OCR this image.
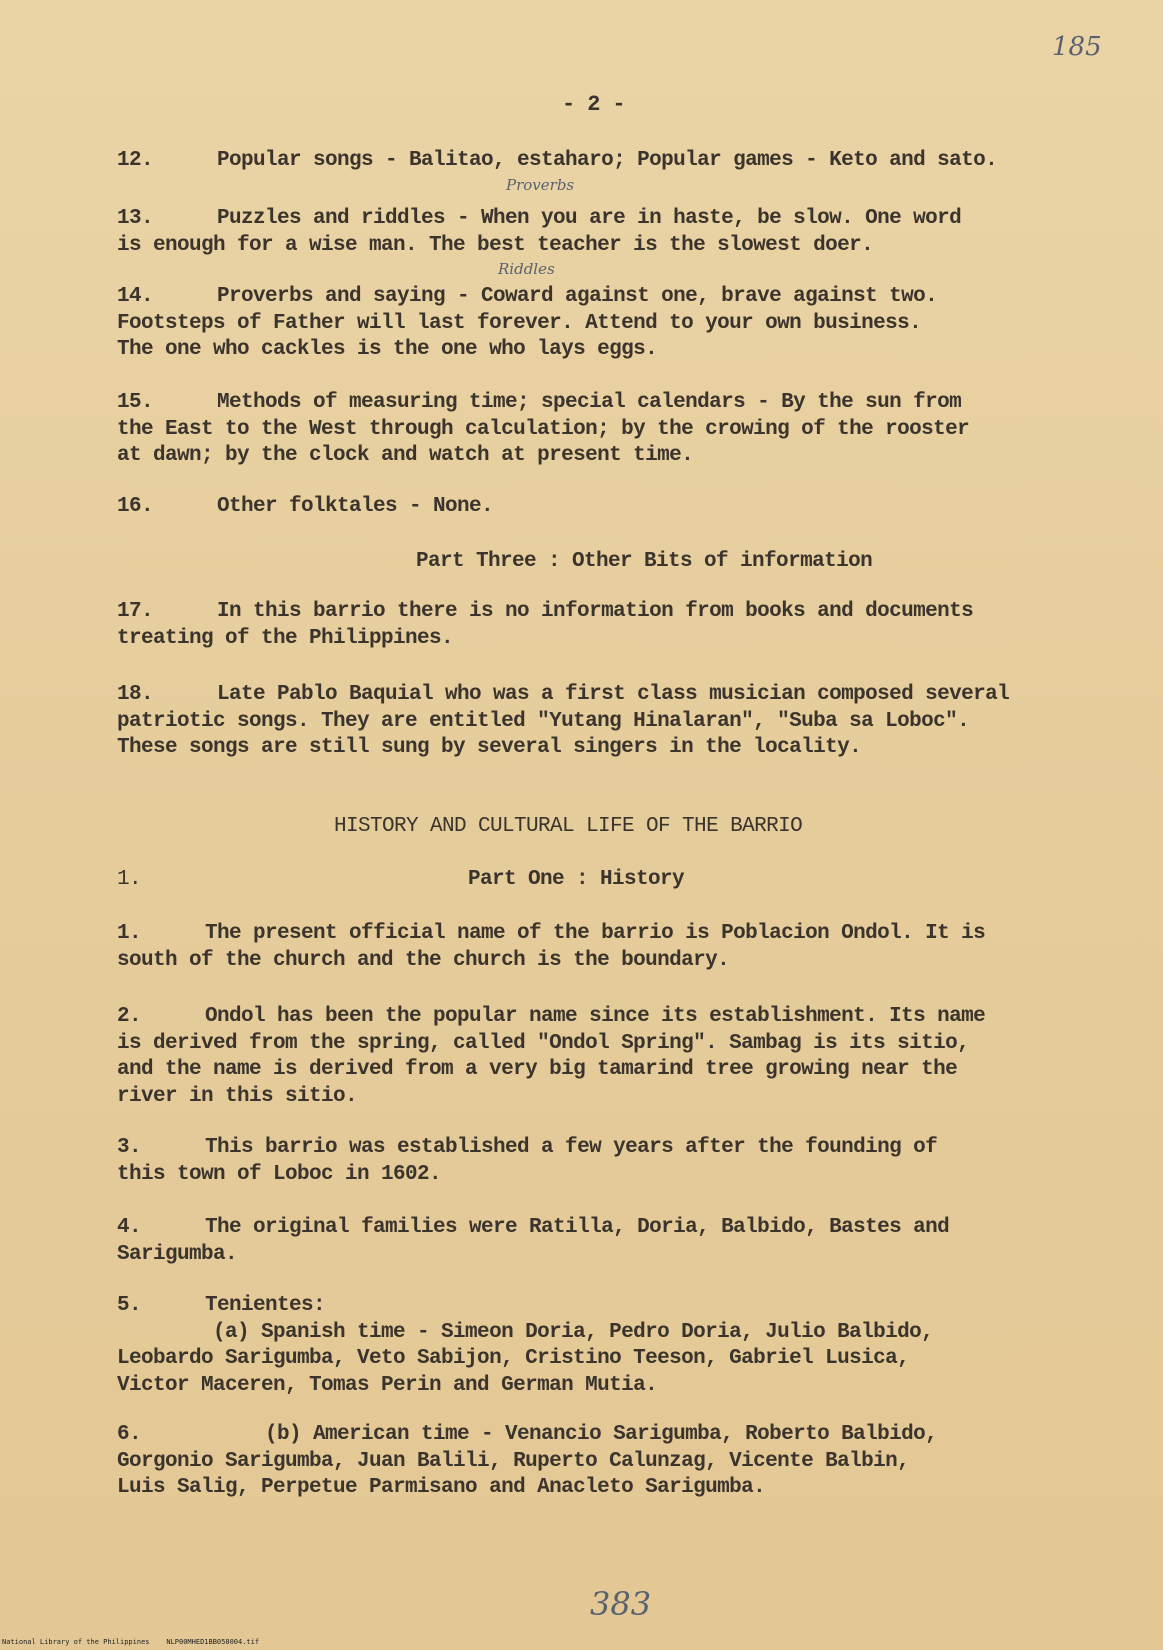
185
- 2 -
12.	Popular songs - Balitao, estaharo; Popular games - Keto and sato.
Proverbs
13.	Puzzles and riddles - When you are in haste, be slow. One word
is enough for a wise man. The best teacher is the slowest doer.
Riddles
14.	Proverbs and saying - Coward against one, brave against two.
Footsteps of Father will last forever. Attend to your own business.
The one who cackles is the one who lays eggs.
15.	Methods of measuring time; special calendars - By the sun from
the East to the West through calculation; by the crowing of the rooster
at dawn; by the clock and watch at present time.
16.	Other folktales - None.
Part Three : Other Bits of information
17.	In this barrio there is no information from books and documents
treating of the Philippines.
18.	Late Pablo Baquial who was a first class musician composed several
patriotic songs. They are entitled "Yutang Hinalaran", "Suba sa Loboc".
These songs are still sung by several singers in the locality.
HISTORY AND CULTURAL LIFE OF THE BARRIO
1.	Part One : History
1.	The present official name of the barrio is Poblacion Ondol. It is
south of the church and the church is the boundary.
2.	Ondol has been the popular name since its establishment. Its name
is derived from the spring, called "Ondol Spring". Sambag is its sitio,
and the name is derived from a very big tamarind tree growing near the
river in this sitio.
3.	This barrio was established a few years after the founding of
this town of Loboc in 1602.
4.	The original families were Ratilla, Doria, Balbido, Bastes and
Sarigumba.
5.	Tenientes:
(a) Spanish time - Simeon Doria, Pedro Doria, Julio Balbido,
Leobardo Sarigumba, Veto Sabijon, Cristino Teeson, Gabriel Lusica,
Victor Maceren, Tomas Perin and German Mutia.
6.	(b) American time - Venancio Sarigumba, Roberto Balbido,
Gorgonio Sarigumba, Juan Balili, Ruperto Calunzag, Vicente Balbin,
Luis Salig, Perpetue Parmisano and Anacleto Sarigumba.
383
National Library of the Philippines    NLP00MHED1BB058004.tif
